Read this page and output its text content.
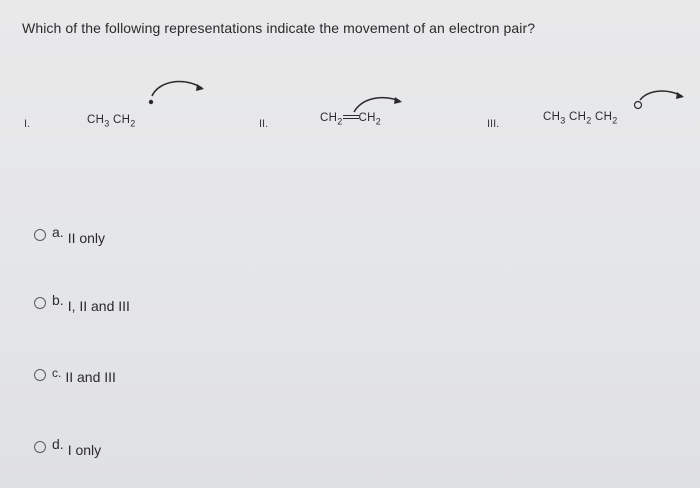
Which of the following representations indicate the movement of an electron pair?
I.	$CH_3$ $CH_2$	II.	$CH_2$ $CH_2$	III.
$CH_3$ $CH_2$ $CH_2$
a. II only
b. I, II and III
c. II and III
d. I only
